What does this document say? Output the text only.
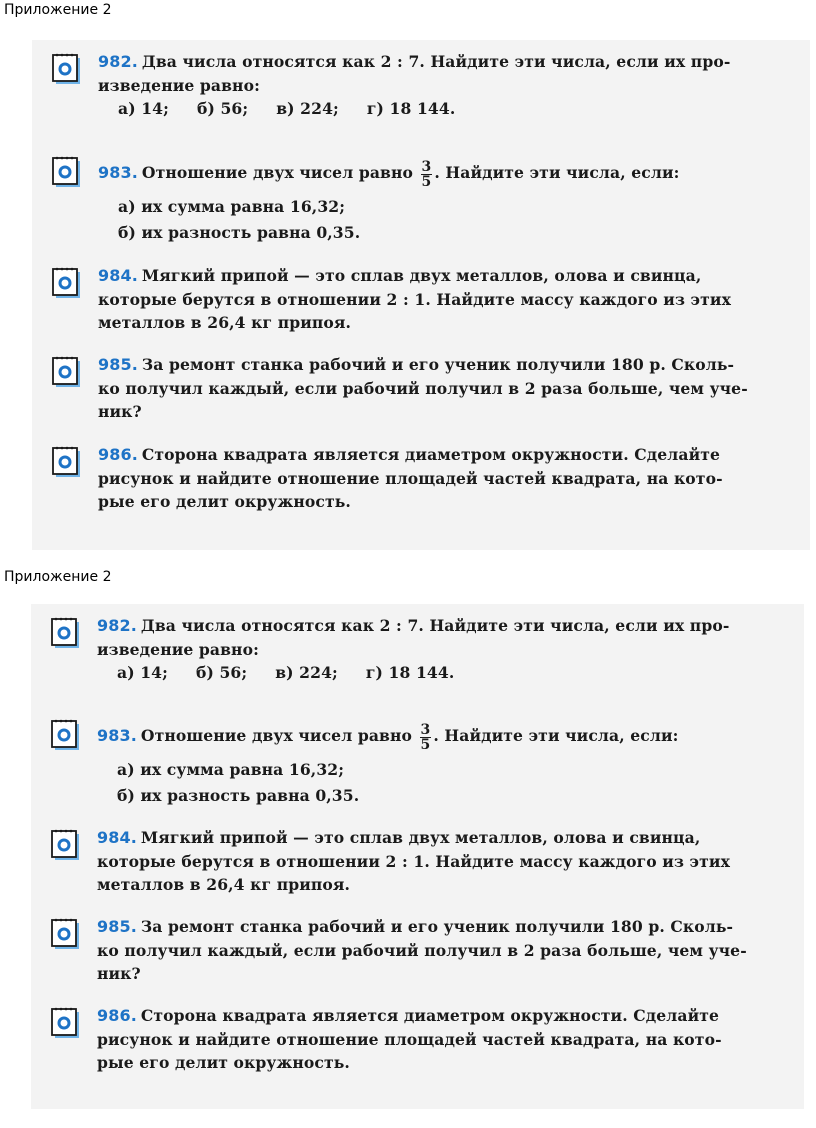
Приложение 2
982. Два числа относятся как 2 : 7. Найдите эти числа, если их про-
изведение равно:
а) 14; б) 56; в) 224; г) 18 144.
983. Отношение двух чисел равно $\frac{3}{5}$ . Найдите эти числа, если:
а) их сумма равна 16,32;
б) их разность равна 0,35.
984. Мягкий припой — это сплав двух металлов, олова и свинца,
которые берутся в отношении 2 : 1. Найдите массу каждого из этих
металлов в 26,4 кг припоя.
985. За ремонт станка рабочий и его ученик получили 180 р. Сколь-
ко получил каждый, если рабочий получил в 2 раза больше, чем уче-
ник?
986. Сторона квадрата является диаметром окружности. Сделайте
рисунок и найдите отношение площадей частей квадрата, на кото-
рые его делит окружность.
Приложение 2
982. Два числа относятся как 2 : 7. Найдите эти числа, если их про-
изведение равно:
а) 14; б) 56; в) 224; г) 18 144.
983. Отношение двух чисел равно $\frac{3}{5}$ . Найдите эти числа, если:
а) их сумма равна 16,32;
б) их разность равна 0,35.
984. Мягкий припой — это сплав двух металлов, олова и свинца,
которые берутся в отношении 2 : 1. Найдите массу каждого из этих
металлов в 26,4 кг припоя.
985. За ремонт станка рабочий и его ученик получили 180 р. Сколь-
ко получил каждый, если рабочий получил в 2 раза больше, чем уче-
ник?
986. Сторона квадрата является диаметром окружности. Сделайте
рисунок и найдите отношение площадей частей квадрата, на кото-
рые его делит окружность.
